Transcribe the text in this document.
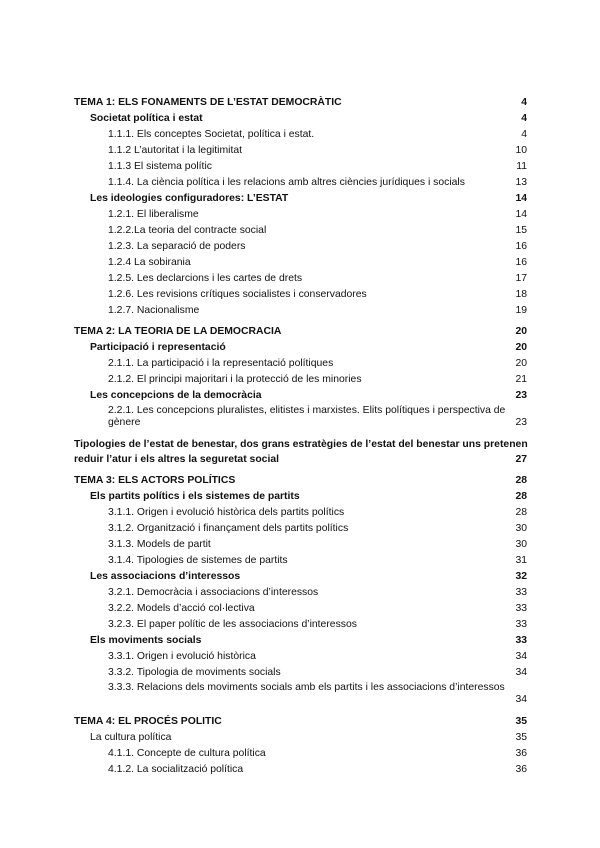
TEMA 1: ELS FONAMENTS DE L’ESTAT DEMOCRÀTIC	4
Societat política i estat	4
1.1.1. Els conceptes Societat, política i estat.	4
1.1.2 L’autoritat i la legitimitat	10
1.1.3 El sistema polític	11
1.1.4. La ciència política i les relacions amb altres ciències jurídiques i socials	13
Les ideologies configuradores: L’ESTAT	14
1.2.1. El liberalisme	14
1.2.2.La teoria del contracte social	15
1.2.3. La separació de poders	16
1.2.4 La sobirania	16
1.2.5. Les declarcions i les cartes de drets	17
1.2.6. Les revisions crítiques socialistes i conservadores	18
1.2.7. Nacionalisme	19
TEMA 2: LA TEORIA DE LA DEMOCRACIA	20
Participació i representació	20
2.1.1. La participació i la representació polítiques	20
2.1.2. El principi majoritari i la protecció de les minories	21
Les concepcions de la democràcia	23
2.2.1. Les concepcions pluralistes, elitistes i marxistes. Elits polítiques i perspectiva de gènere	23
Tipologies de l’estat de benestar, dos grans estratègies de l’estat del benestar uns pretenen reduir l’atur i els altres la seguretat social	27
TEMA 3: ELS ACTORS POLÍTICS	28
Els partits polítics i els sistemes de partits	28
3.1.1. Origen i evolució històrica dels partits polítics	28
3.1.2. Organització i finançament dels partits polítics	30
3.1.3. Models de partit	30
3.1.4. Tipologies de sistemes de partits	31
Les associacions d’interessos	32
3.2.1. Democràcia i associacions d’interessos	33
3.2.2. Models d’acció col·lectiva	33
3.2.3. El paper polític de les associacions d’interessos	33
Els moviments socials	33
3.3.1. Origen i evolució històrica	34
3.3.2. Tipologia de moviments socials	34
3.3.3. Relacions dels moviments socials amb els partits i les associacions d’interessos
34
TEMA 4: EL PROCÉS POLITIC	35
La cultura política	35
4.1.1. Concepte de cultura política	36
4.1.2. La socialització política	36
